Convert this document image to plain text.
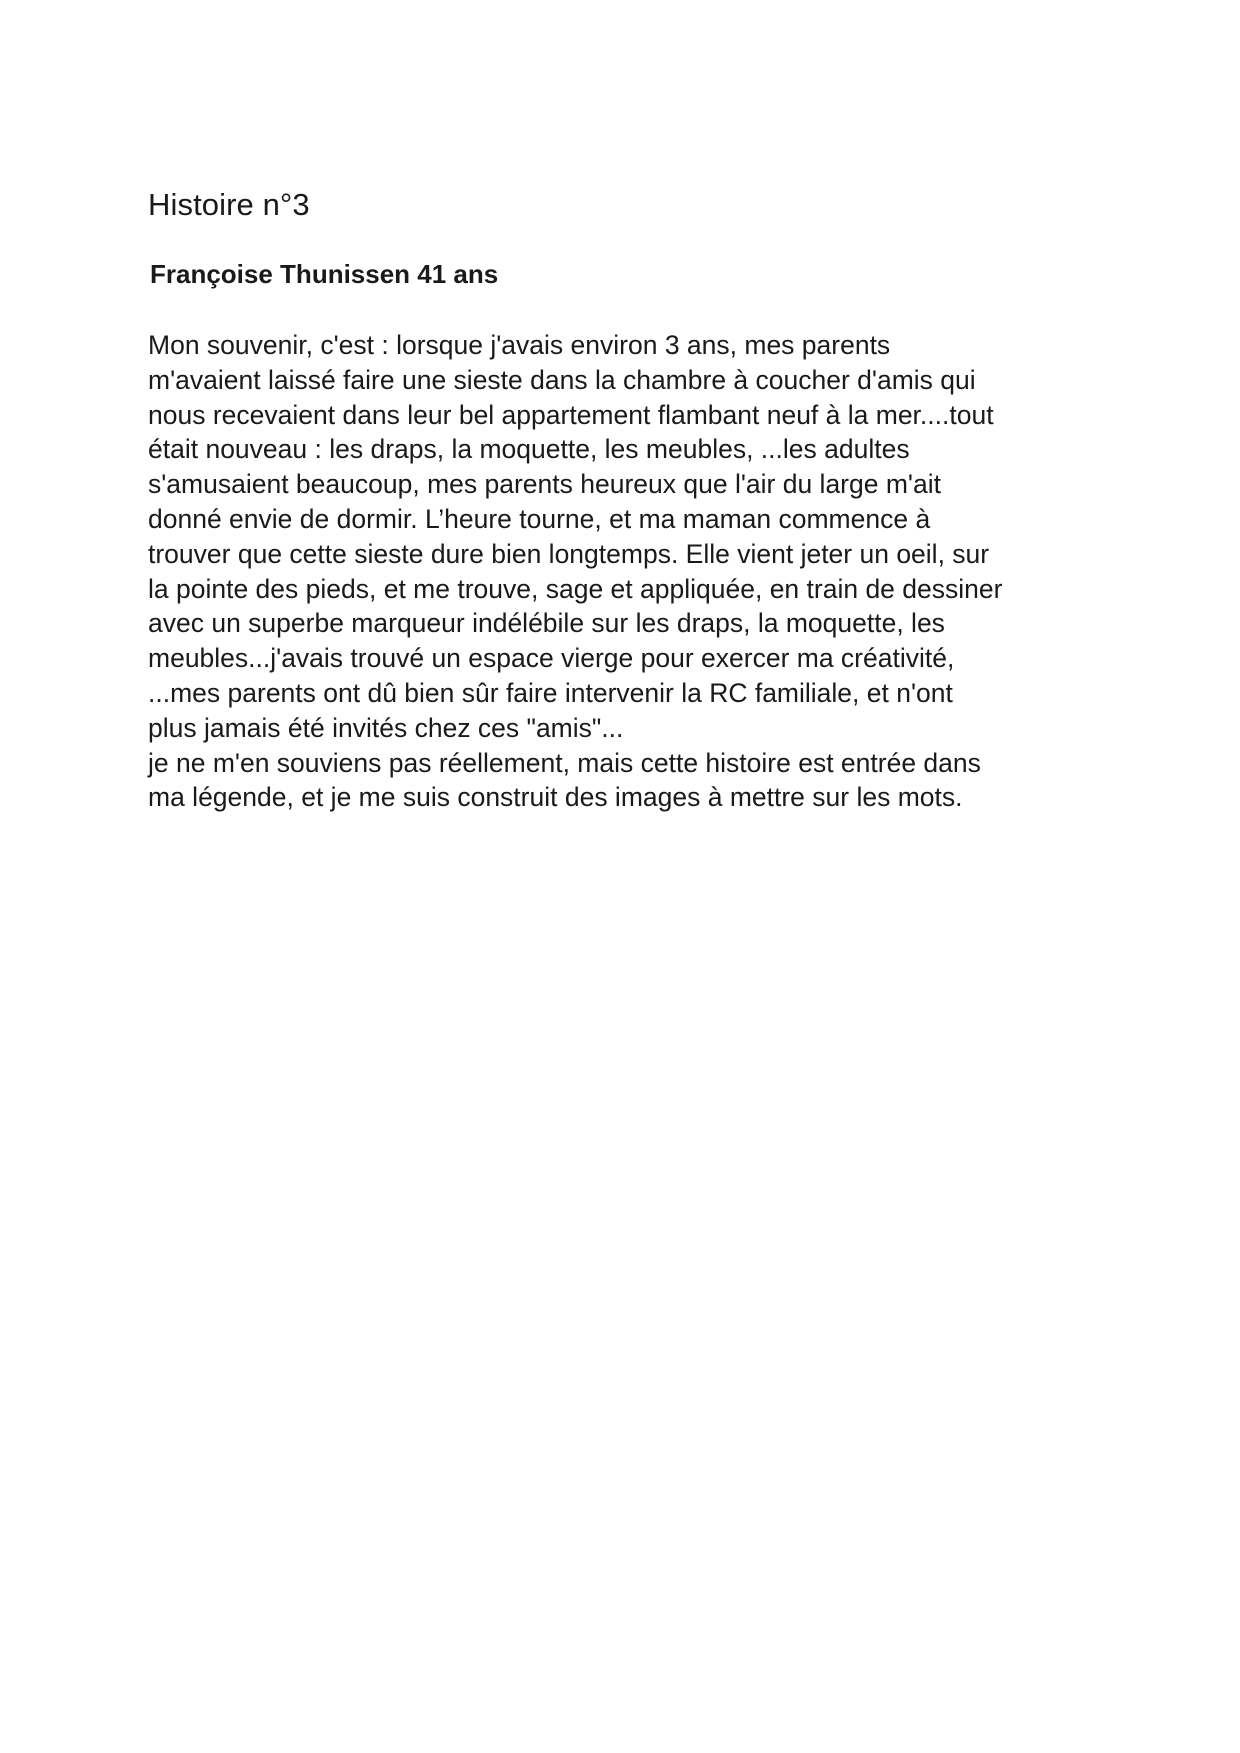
Histoire n°3
Françoise Thunissen 41 ans
Mon souvenir, c'est : lorsque j'avais environ 3 ans, mes parents
m'avaient laissé faire une sieste dans la chambre à coucher d'amis qui
nous recevaient dans leur bel appartement flambant neuf à la mer....tout
était nouveau : les draps, la moquette, les meubles, ...les adultes
s'amusaient beaucoup, mes parents heureux que l'air du large m'ait
donné envie de dormir. L’heure tourne, et ma maman commence à
trouver que cette sieste dure bien longtemps. Elle vient jeter un oeil, sur
la pointe des pieds, et me trouve, sage et appliquée, en train de dessiner
avec un superbe marqueur indélébile sur les draps, la moquette, les
meubles...j'avais trouvé un espace vierge pour exercer ma créativité,
...mes parents ont dû bien sûr faire intervenir la RC familiale, et n'ont
plus jamais été invités chez ces "amis"...
je ne m'en souviens pas réellement, mais cette histoire est entrée dans
ma légende, et je me suis construit des images à mettre sur les mots.
